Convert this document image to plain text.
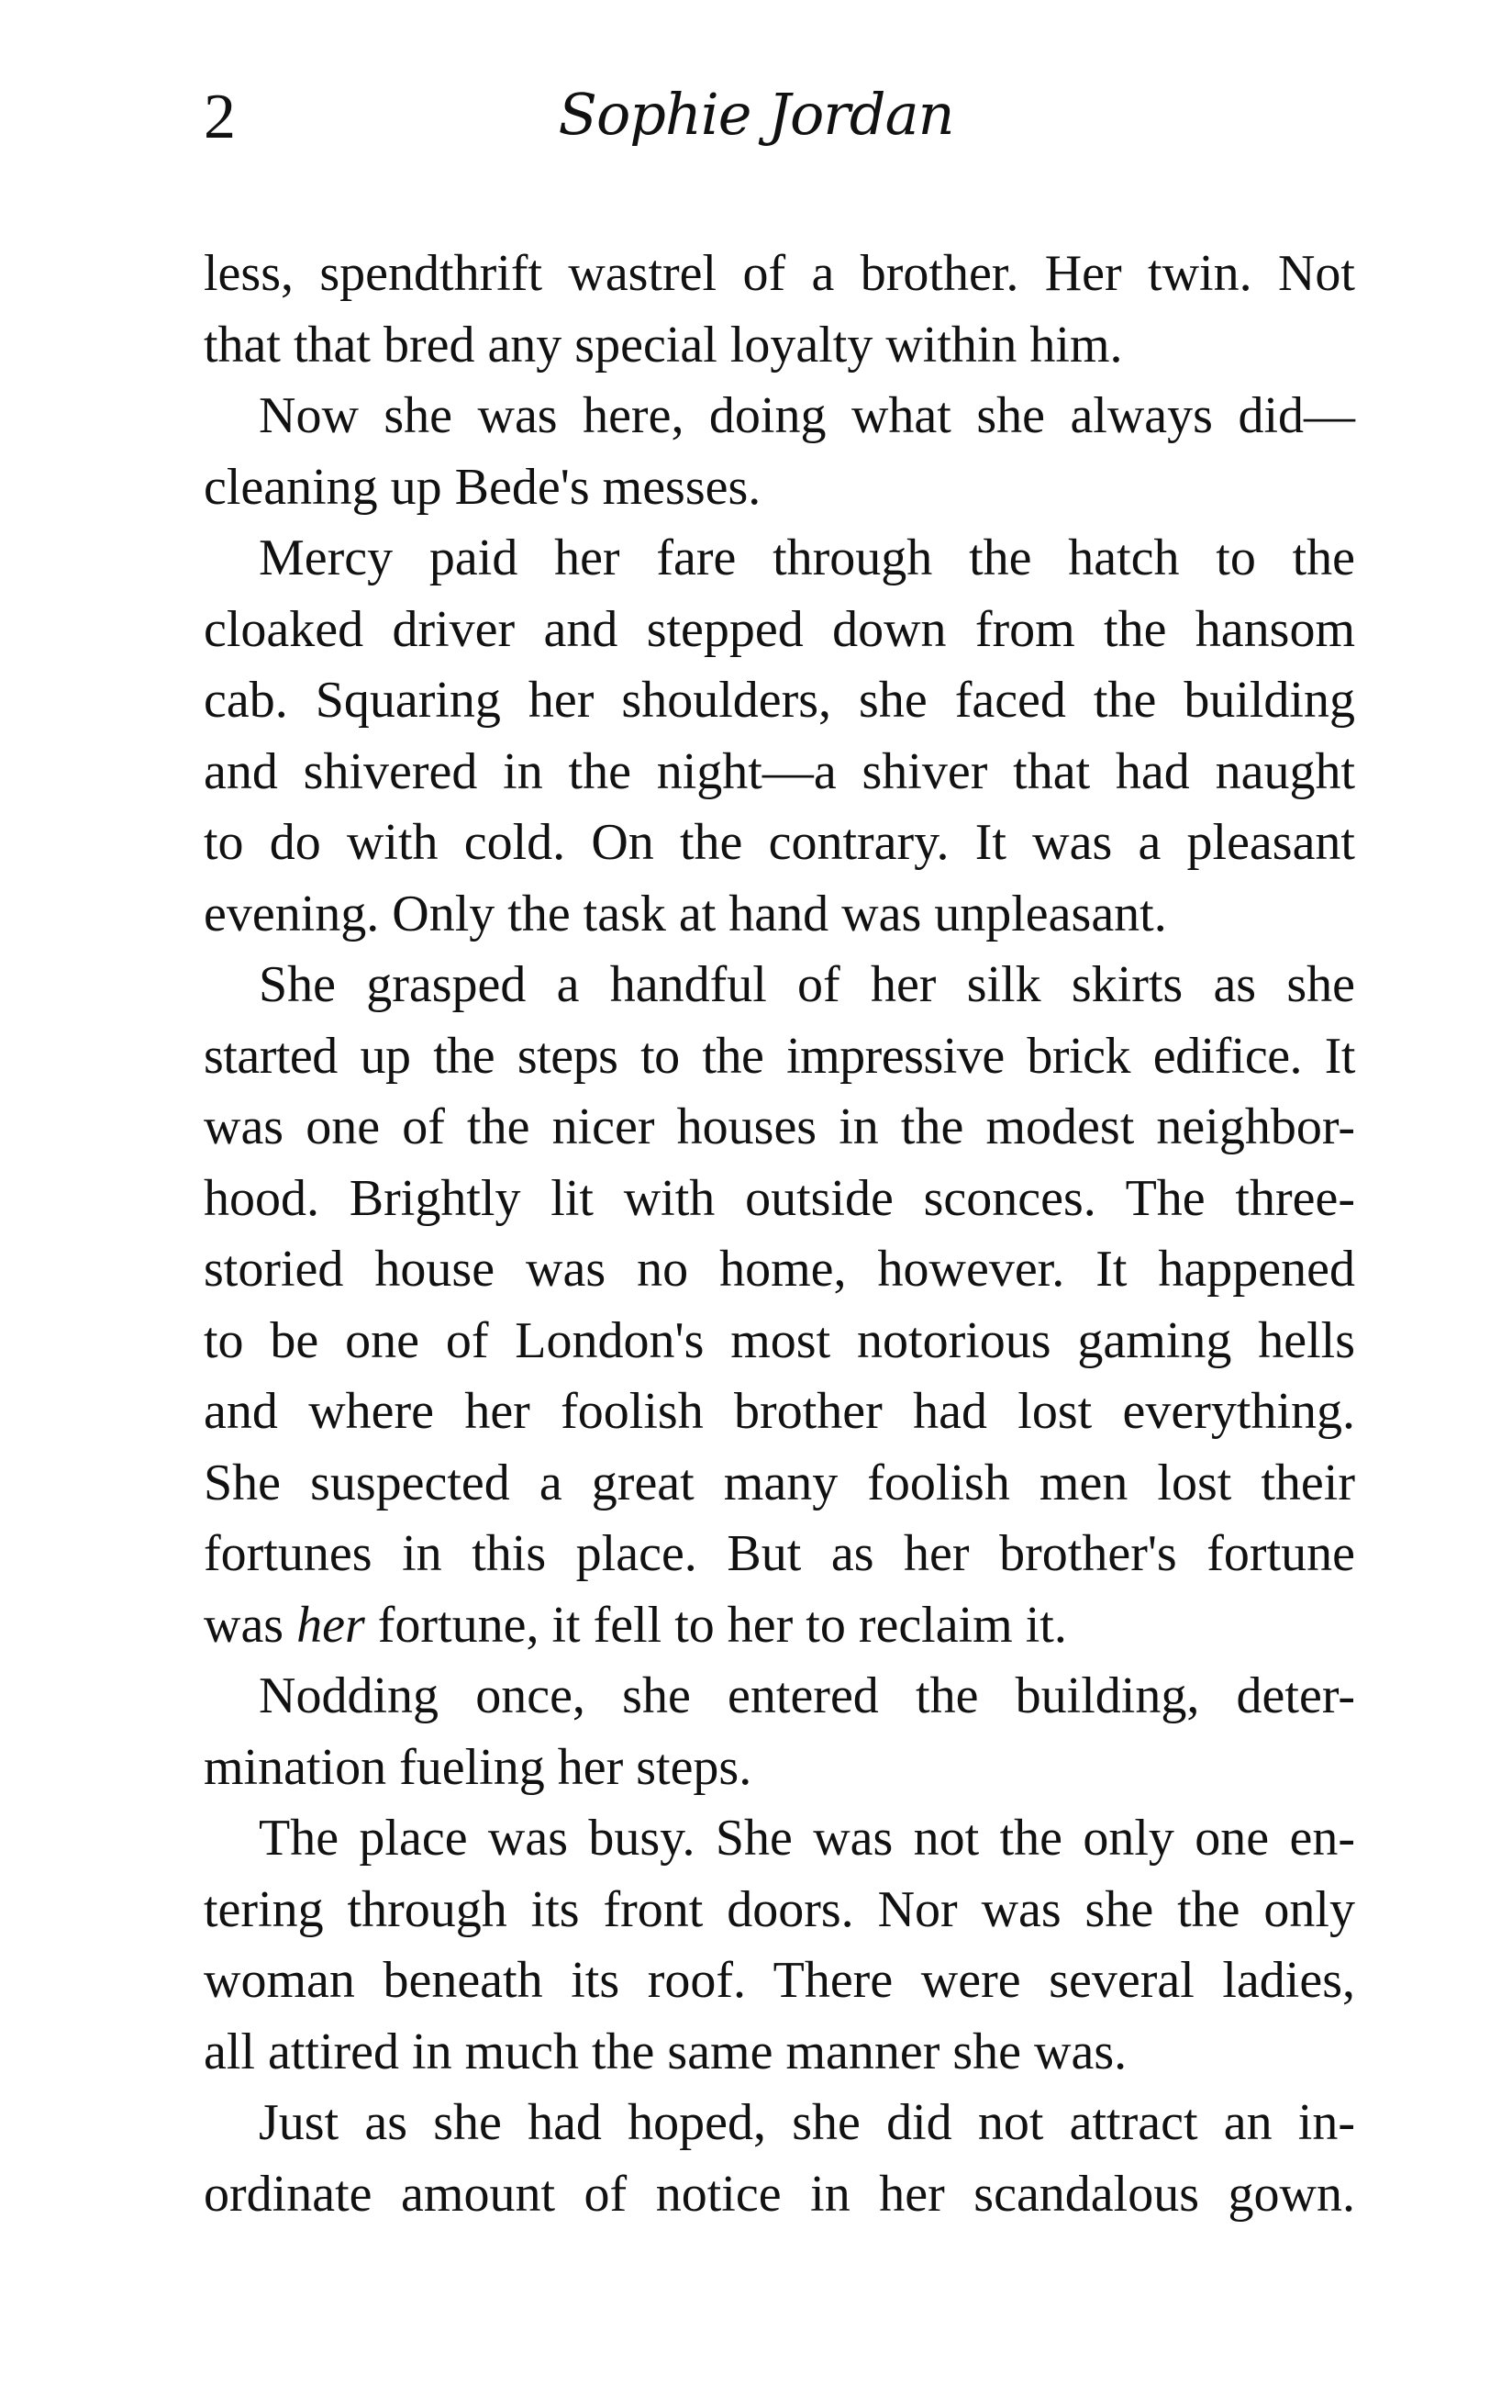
2	Sophie Jordan
less, spendthrift wastrel of a brother. Her twin. Not
that that bred any special loyalty within him.
Now she was here, doing what she always did—
cleaning up Bede's messes.
Mercy paid her fare through the hatch to the
cloaked driver and stepped down from the hansom
cab. Squaring her shoulders, she faced the building
and shivered in the night—a shiver that had naught
to do with cold. On the contrary. It was a pleasant
evening. Only the task at hand was unpleasant.
She grasped a handful of her silk skirts as she
started up the steps to the impressive brick edifice. It
was one of the nicer houses in the modest neighbor-
hood. Brightly lit with outside sconces. The three-
storied house was no home, however. It happened
to be one of London's most notorious gaming hells
and where her foolish brother had lost everything.
She suspected a great many foolish men lost their
fortunes in this place. But as her brother's fortune
was her fortune, it fell to her to reclaim it.
Nodding once, she entered the building, deter-
mination fueling her steps.
The place was busy. She was not the only one en-
tering through its front doors. Nor was she the only
woman beneath its roof. There were several ladies,
all attired in much the same manner she was.
Just as she had hoped, she did not attract an in-
ordinate amount of notice in her scandalous gown.
